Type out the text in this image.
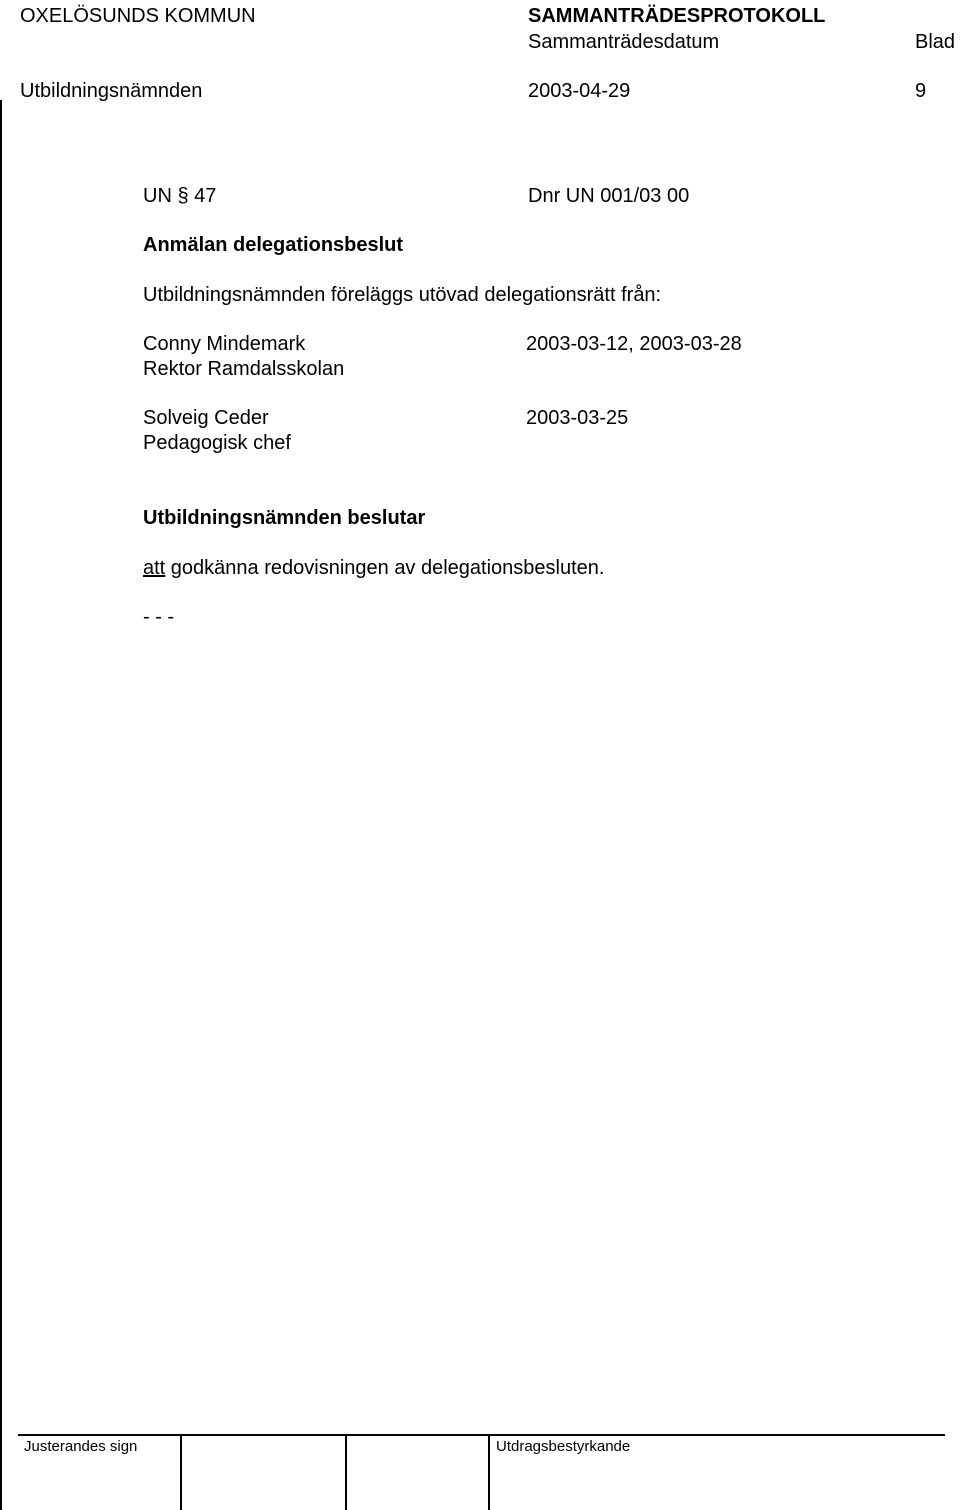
OXELÖSUNDS KOMMUN	SAMMANTRÄDESPROTOKOLL
Sammanträdesdatum	Blad
Utbildningsnämnden	2003-04-29	9
UN § 47	Dnr UN 001/03 00
Anmälan delegationsbeslut
Utbildningsnämnden föreläggs utövad delegationsrätt från:
Conny Mindemark	2003-03-12, 2003-03-28
Rektor Ramdalsskolan
Solveig Ceder	2003-03-25
Pedagogisk chef
Utbildningsnämnden beslutar
att godkänna redovisningen av delegationsbesluten.
- - -
Justerandes sign	Utdragsbestyrkande
